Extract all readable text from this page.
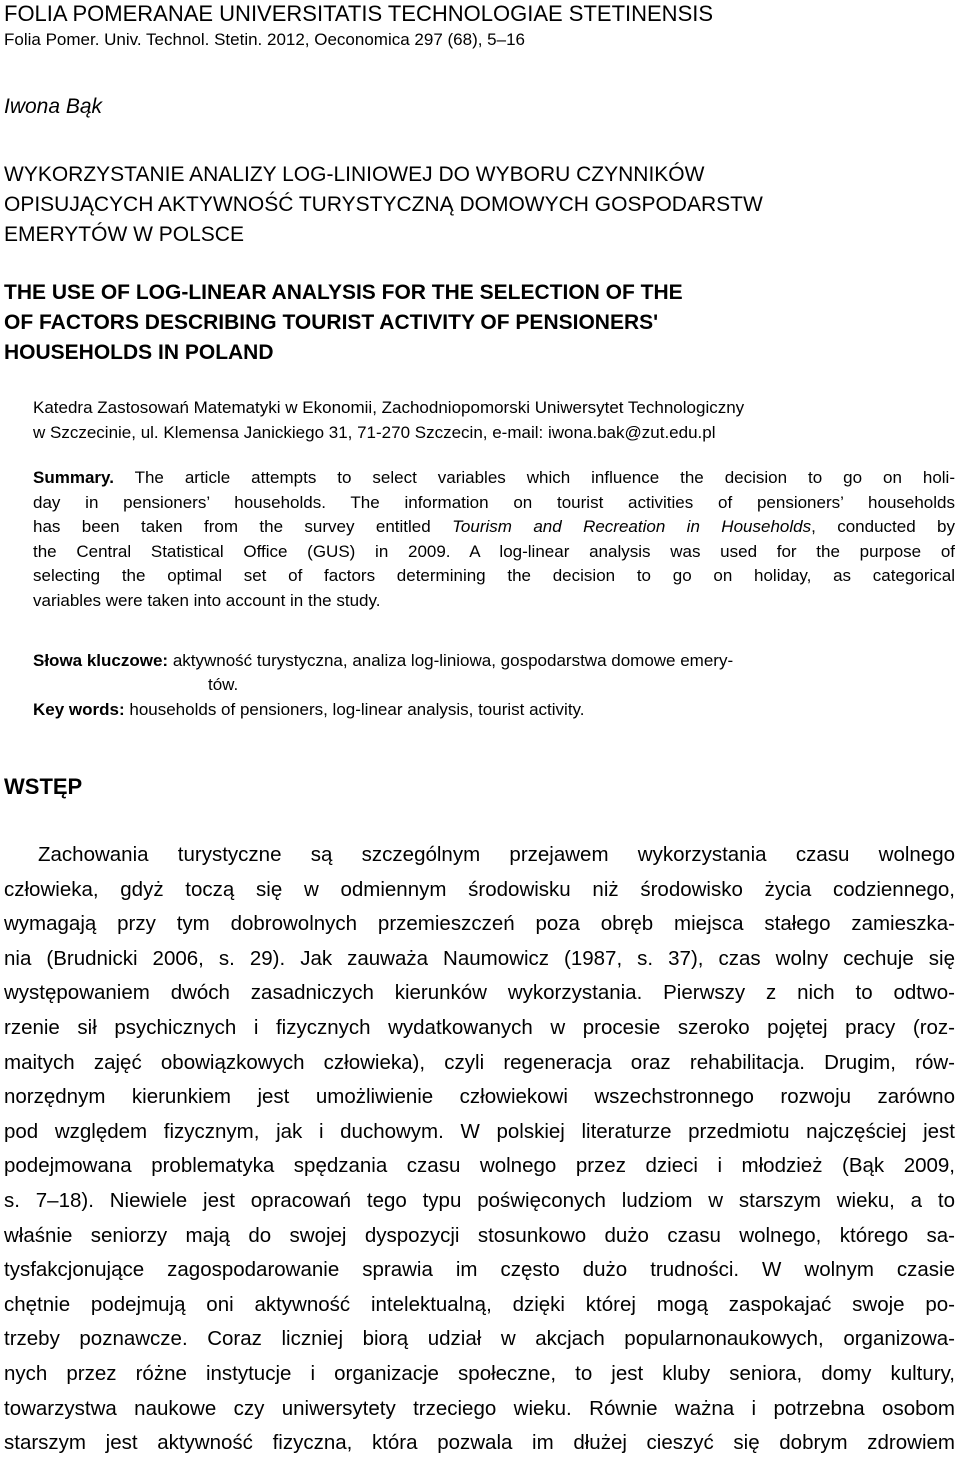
FOLIA POMERANAE UNIVERSITATIS TECHNOLOGIAE STETINENSIS
Folia Pomer. Univ. Technol. Stetin. 2012, Oeconomica 297 (68), 5–16
Iwona Bąk
WYKORZYSTANIE ANALIZY LOG-LINIOWEJ DO WYBORU CZYNNIKÓW
OPISUJĄCYCH AKTYWNOŚĆ TURYSTYCZNĄ DOMOWYCH GOSPODARSTW
EMERYTÓW W POLSCE
THE USE OF LOG-LINEAR ANALYSIS FOR THE SELECTION OF THE
OF FACTORS DESCRIBING TOURIST ACTIVITY OF PENSIONERS'
HOUSEHOLDS IN POLAND
Katedra Zastosowań Matematyki w Ekonomii, Zachodniopomorski Uniwersytet Technologiczny
w Szczecinie, ul. Klemensa Janickiego 31, 71-270 Szczecin, e-mail: iwona.bak@zut.edu.pl
Summary. The article attempts to select variables which influence the decision to go on holi-
day in pensioners’ households. The information on tourist activities of pensioners’ households
has been taken from the survey entitled Tourism and Recreation in Households, conducted by
the Central Statistical Office (GUS) in 2009. A log-linear analysis was used for the purpose of
selecting the optimal set of factors determining the decision to go on holiday, as categorical
variables were taken into account in the study.
Słowa kluczowe: aktywność turystyczna, analiza log-liniowa, gospodarstwa domowe emery-
tów.
Key words: households of pensioners, log-linear analysis, tourist activity.
WSTĘP
Zachowania turystyczne są szczególnym przejawem wykorzystania czasu wolnego
człowieka, gdyż toczą się w odmiennym środowisku niż środowisko życia codziennego,
wymagają przy tym dobrowolnych przemieszczeń poza obręb miejsca stałego zamieszka-
nia (Brudnicki 2006, s. 29). Jak zauważa Naumowicz (1987, s. 37), czas wolny cechuje się
występowaniem dwóch zasadniczych kierunków wykorzystania. Pierwszy z nich to odtwo-
rzenie sił psychicznych i fizycznych wydatkowanych w procesie szeroko pojętej pracy (roz-
maitych zajęć obowiązkowych człowieka), czyli regeneracja oraz rehabilitacja. Drugim, rów-
norzędnym kierunkiem jest umożliwienie człowiekowi wszechstronnego rozwoju zarówno
pod względem fizycznym, jak i duchowym. W polskiej literaturze przedmiotu najczęściej jest
podejmowana problematyka spędzania czasu wolnego przez dzieci i młodzież (Bąk 2009,
s. 7–18). Niewiele jest opracowań tego typu poświęconych ludziom w starszym wieku, a to
właśnie seniorzy mają do swojej dyspozycji stosunkowo dużo czasu wolnego, którego sa-
tysfakcjonujące zagospodarowanie sprawia im często dużo trudności. W wolnym czasie
chętnie podejmują oni aktywność intelektualną, dzięki której mogą zaspokajać swoje po-
trzeby poznawcze. Coraz liczniej biorą udział w akcjach popularnonaukowych, organizowa-
nych przez różne instytucje i organizacje społeczne, to jest kluby seniora, domy kultury,
towarzystwa naukowe czy uniwersytety trzeciego wieku. Równie ważna i potrzebna osobom
starszym jest aktywność fizyczna, która pozwala im dłużej cieszyć się dobrym zdrowiem
